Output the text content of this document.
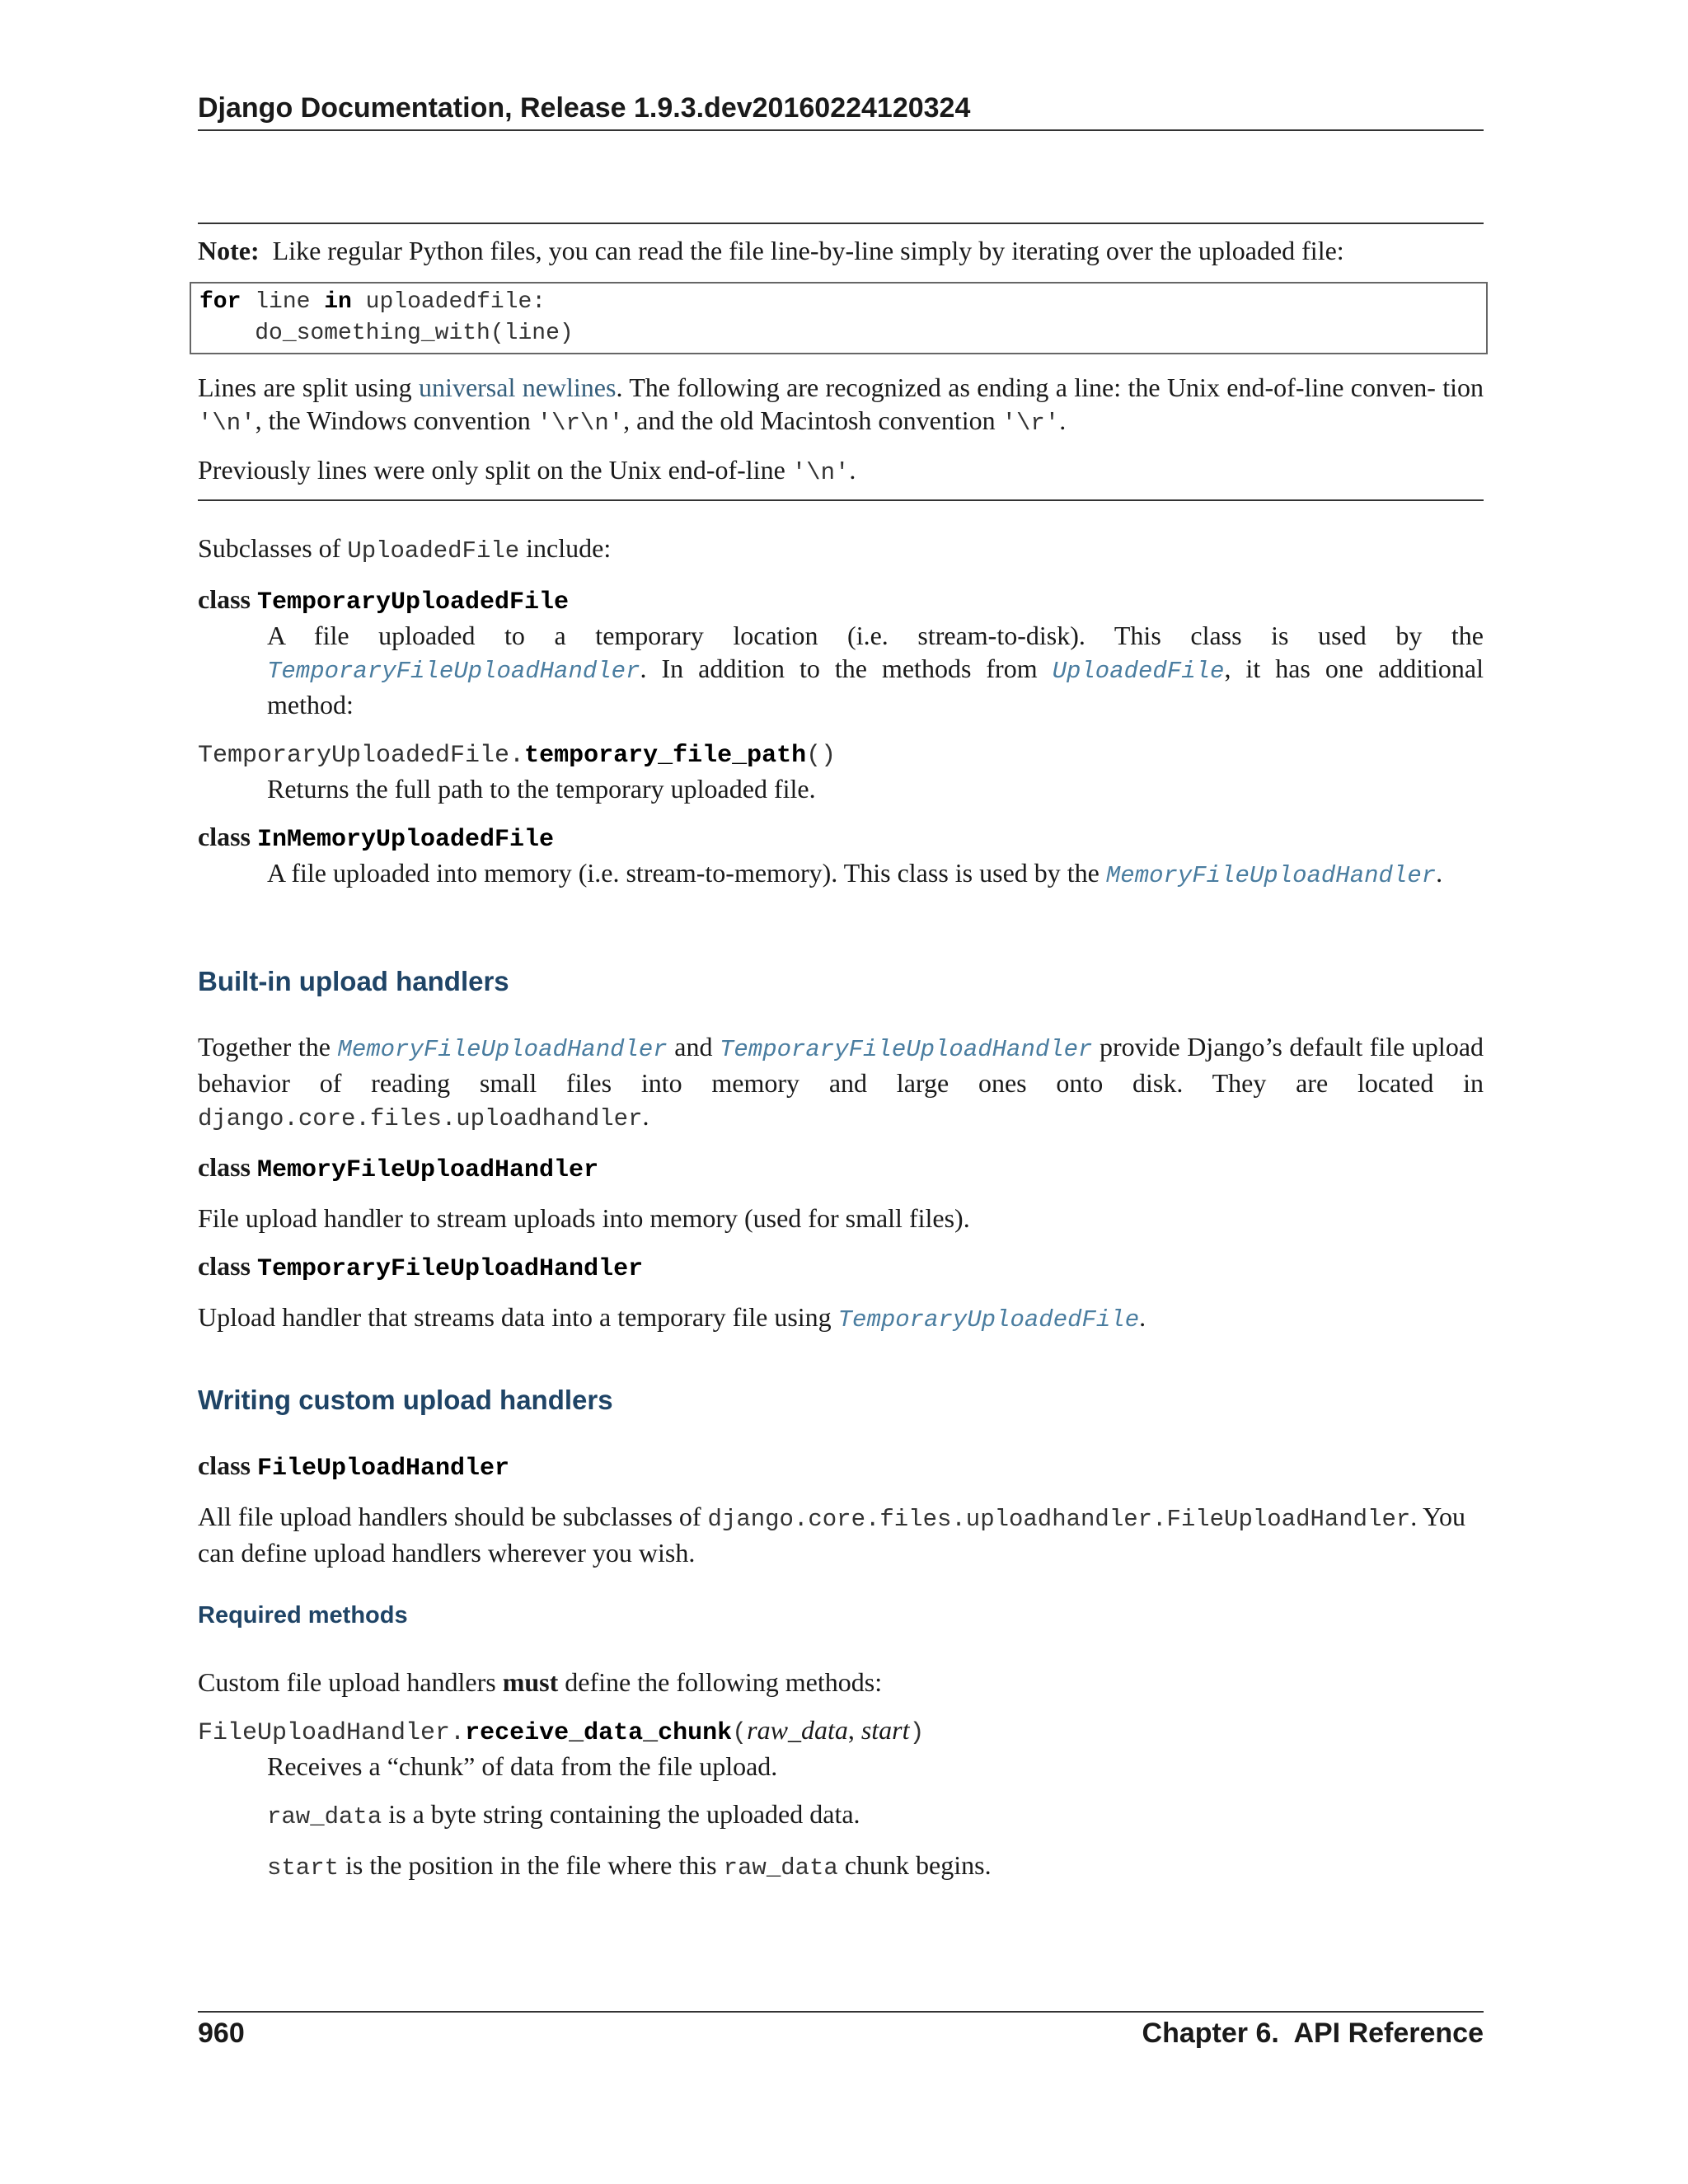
Django Documentation, Release 1.9.3.dev20160224120324

Note: Like regular Python files, you can read the file line-by-line simply by iterating over the uploaded file:

for line in uploadedfile:
do_something_with(line)

Lines are split using universal newlines. The following are recognized as ending a line: the Unix end-of-line conven- tion '\n', the Windows convention '\r\n', and the old Macintosh convention '\r'.

Previously lines were only split on the Unix end-of-line '\n'.

Subclasses of UploadedFile include:

class TemporaryUploadedFile

A file uploaded to a temporary location (i.e. stream-to-disk). This class is used by the TemporaryFileUploadHandler. In addition to the methods from UploadedFile, it has one additional method:

TemporaryUploadedFile.temporary_file_path()

Returns the full path to the temporary uploaded file.

class InMemoryUploadedFile

A file uploaded into memory (i.e. stream-to-memory). This class is used by the MemoryFileUploadHandler.

Built-in upload handlers

Together the MemoryFileUploadHandler and TemporaryFileUploadHandler provide Django’s default file upload behavior of reading small files into memory and large ones onto disk. They are located in django.core.files.uploadhandler.

class MemoryFileUploadHandler

File upload handler to stream uploads into memory (used for small files).

class TemporaryFileUploadHandler

Upload handler that streams data into a temporary file using TemporaryUploadedFile.

Writing custom upload handlers

class FileUploadHandler

All file upload handlers should be subclasses of django.core.files.uploadhandler.FileUploadHandler. You can define upload handlers wherever you wish.

Required methods

Custom file upload handlers must define the following methods:

FileUploadHandler.receive_data_chunk(raw_data, start)

Receives a “chunk” of data from the file upload.

raw_data is a byte string containing the uploaded data.

start is the position in the file where this raw_data chunk begins.

960	Chapter 6.  API Reference
